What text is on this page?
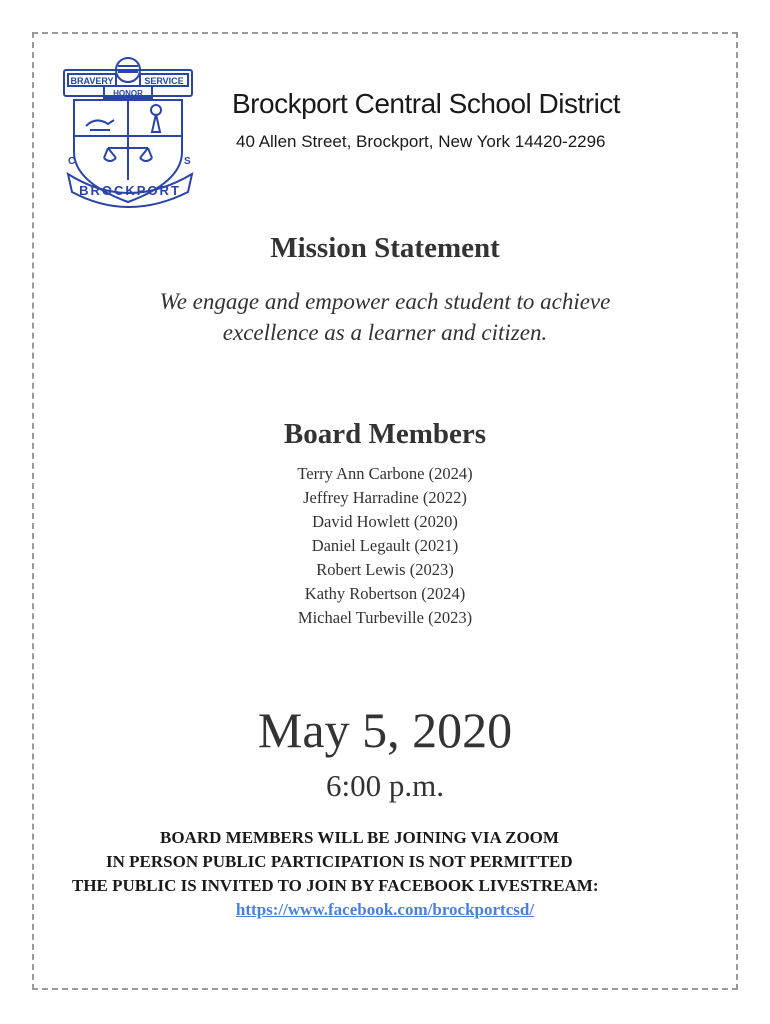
BRAVERY	SERVICE
HONOR
BROCKPORT
C	S
Brockport Central School District
40 Allen Street, Brockport, New York 14420-2296
Mission Statement
We engage and empower each student to achieve
excellence as a learner and citizen.
Board Members
Terry Ann Carbone (2024)
Jeffrey Harradine (2022)
David Howlett (2020)
Daniel Legault (2021)
Robert Lewis (2023)
Kathy Robertson (2024)
Michael Turbeville (2023)
May 5, 2020
6:00 p.m.
BOARD MEMBERS WILL BE JOINING VIA ZOOM
IN PERSON PUBLIC PARTICIPATION IS NOT PERMITTED
THE PUBLIC IS INVITED TO JOIN BY FACEBOOK LIVESTREAM:
https://www.facebook.com/brockportcsd/
